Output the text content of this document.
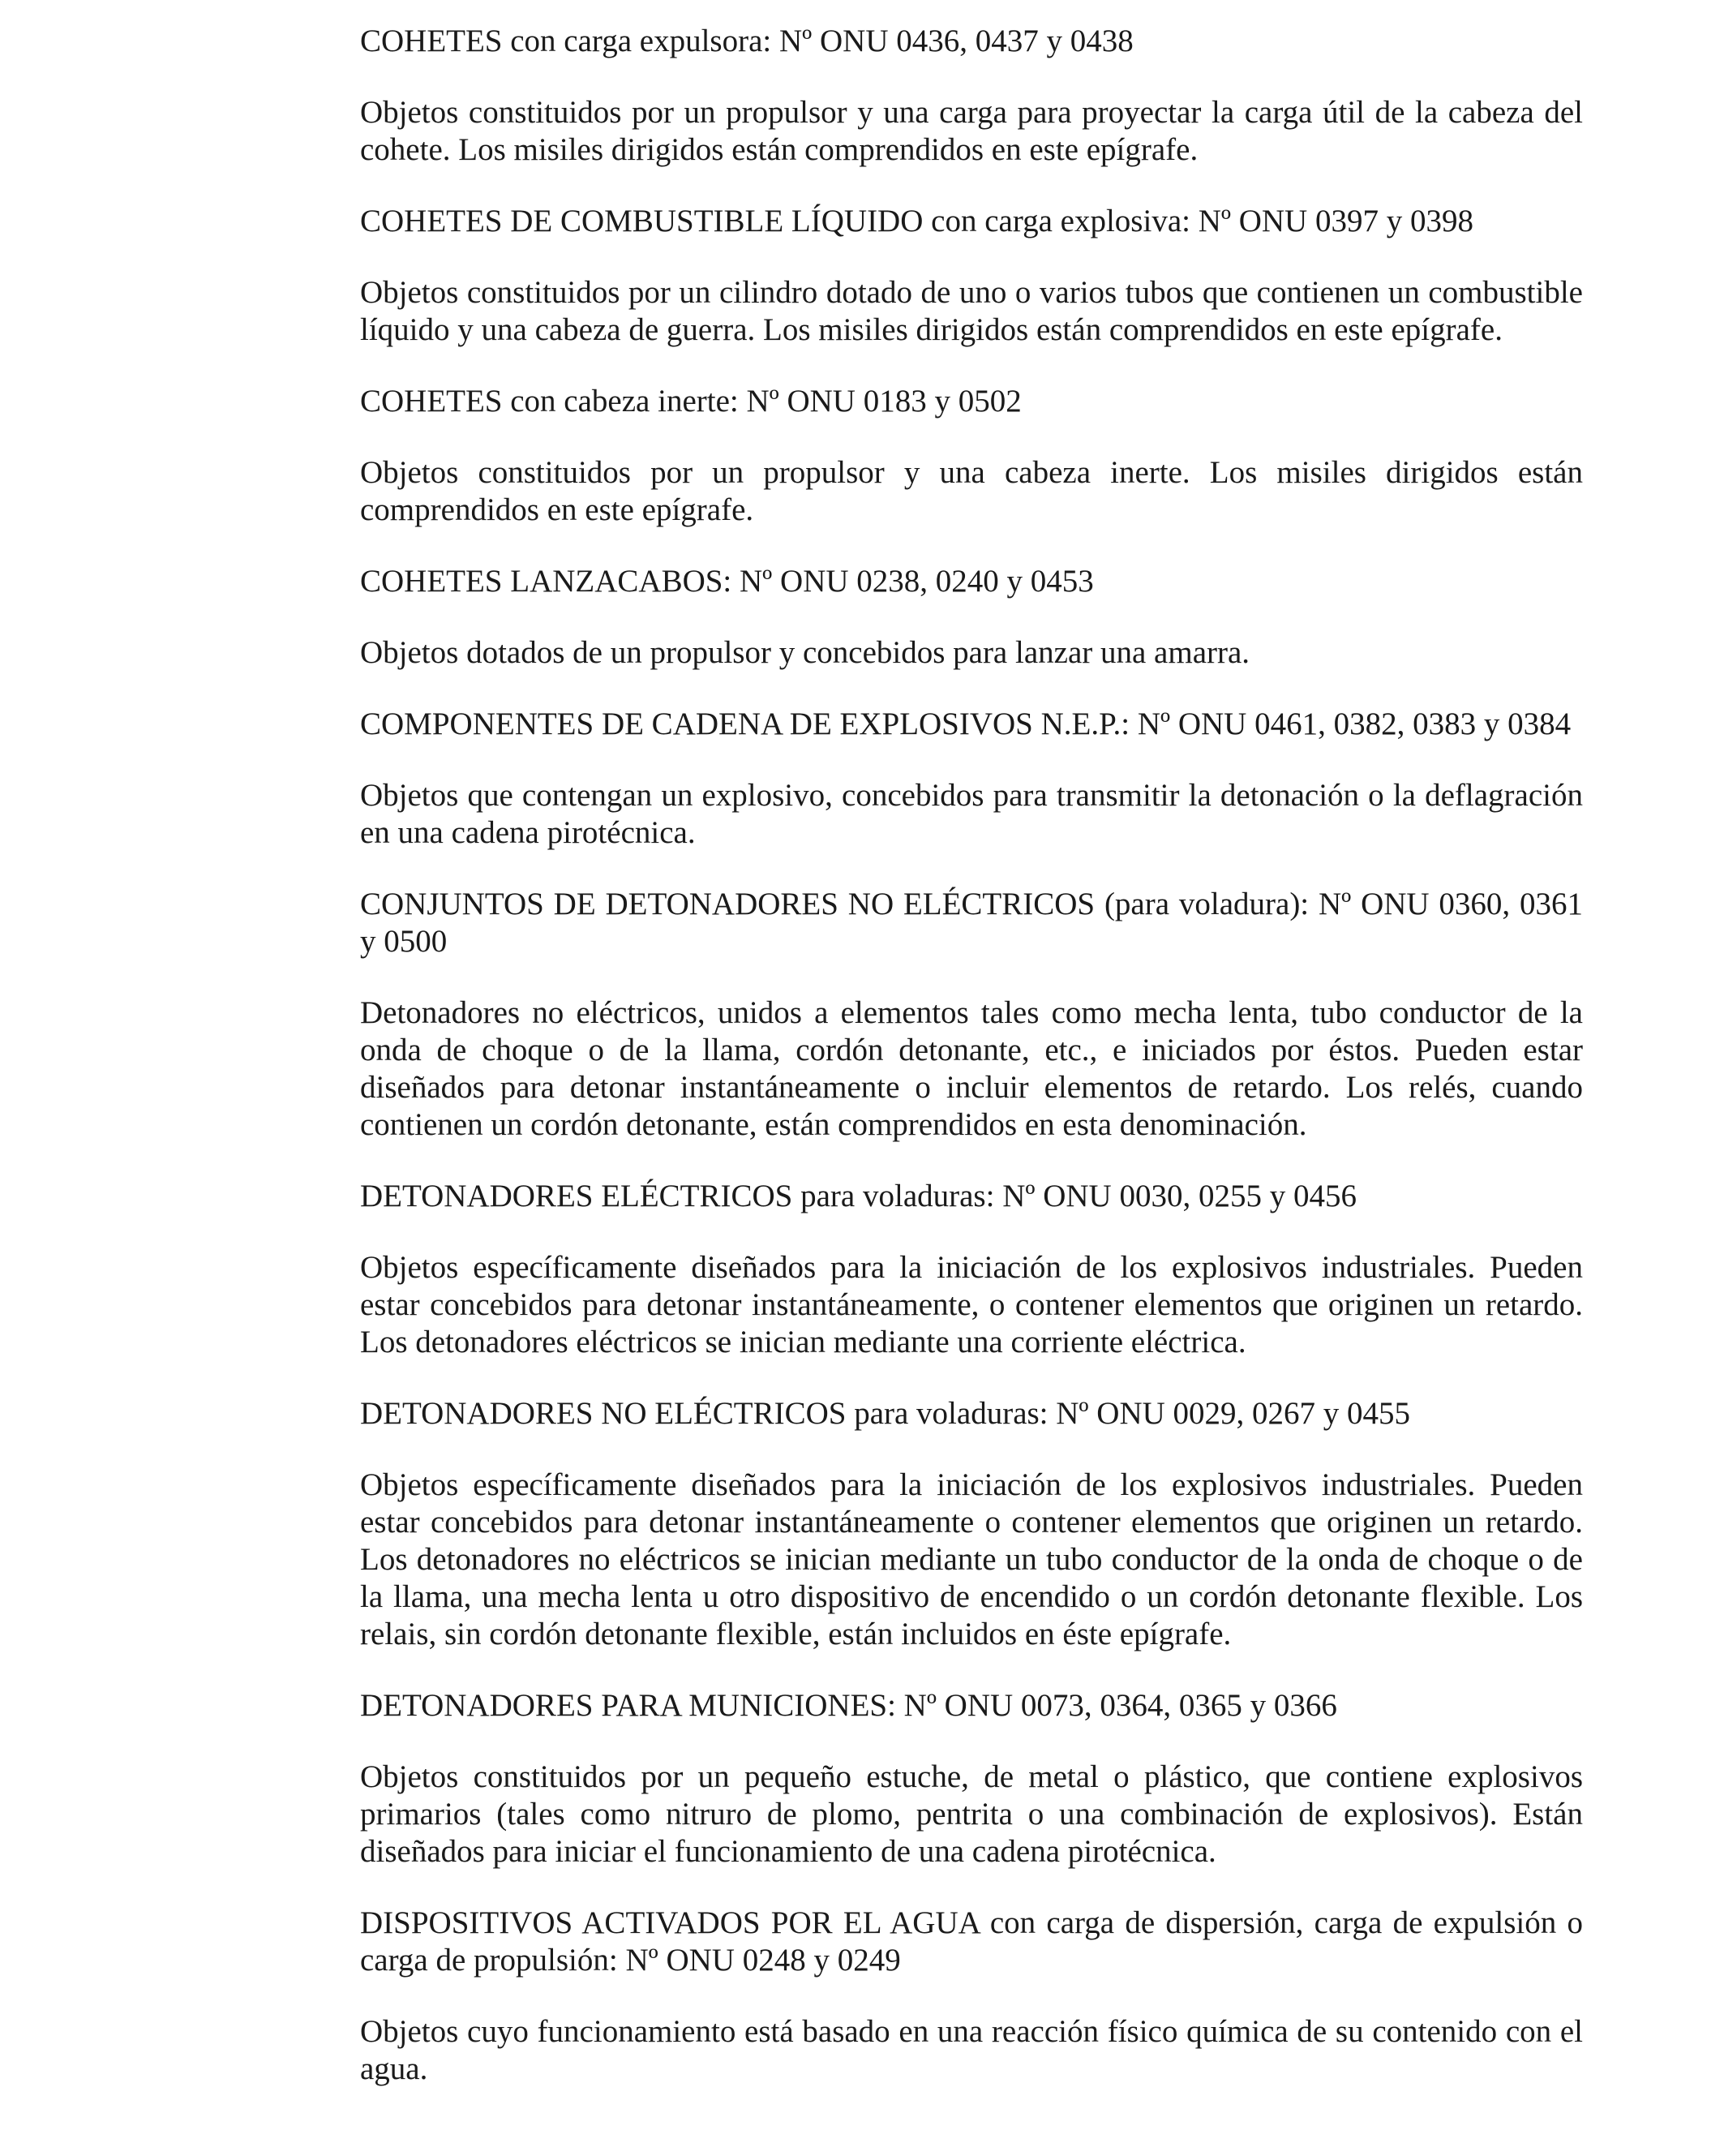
COHETES con carga expulsora: Nº ONU 0436, 0437 y 0438

Objetos constituidos por un propulsor y una carga para proyectar la carga útil de la cabeza del cohete. Los misiles dirigidos están comprendidos en este epígrafe.

COHETES DE COMBUSTIBLE LÍQUIDO con carga explosiva: Nº ONU 0397 y 0398

Objetos constituidos por un cilindro dotado de uno o varios tubos que contienen un combustible líquido y una cabeza de guerra. Los misiles dirigidos están comprendidos en este epígrafe.

COHETES con cabeza inerte: Nº ONU 0183 y 0502

Objetos constituidos por un propulsor y una cabeza inerte. Los misiles dirigidos están comprendidos en este epígrafe.

COHETES LANZACABOS: Nº ONU 0238, 0240 y 0453

Objetos dotados de un propulsor y concebidos para lanzar una amarra.

COMPONENTES DE CADENA DE EXPLOSIVOS N.E.P.: Nº ONU 0461, 0382, 0383 y 0384

Objetos que contengan un explosivo, concebidos para transmitir la detonación o la deflagración en una cadena pirotécnica.

CONJUNTOS DE DETONADORES NO ELÉCTRICOS (para voladura): Nº ONU 0360, 0361 y 0500

Detonadores no eléctricos, unidos a elementos tales como mecha lenta, tubo conductor de la onda de choque o de la llama, cordón detonante, etc., e iniciados por éstos. Pueden estar diseñados para detonar instantáneamente o incluir elementos de retardo. Los relés, cuando contienen un cordón detonante, están comprendidos en esta denominación.

DETONADORES ELÉCTRICOS para voladuras: Nº ONU 0030, 0255 y 0456

Objetos específicamente diseñados para la iniciación de los explosivos industriales. Pueden estar concebidos para detonar instantáneamente, o contener elementos que originen un retardo. Los detonadores eléctricos se inician mediante una corriente eléctrica.

DETONADORES NO ELÉCTRICOS para voladuras: Nº ONU 0029, 0267 y 0455

Objetos específicamente diseñados para la iniciación de los explosivos industriales. Pueden estar concebidos para detonar instantáneamente o contener elementos que originen un retardo. Los detonadores no eléctricos se inician mediante un tubo conductor de la onda de choque o de la llama, una mecha lenta u otro dispositivo de encendido o un cordón detonante flexible. Los relais, sin cordón detonante flexible, están incluidos en éste epígrafe.

DETONADORES PARA MUNICIONES: Nº ONU 0073, 0364, 0365 y 0366

Objetos constituidos por un pequeño estuche, de metal o plástico, que contiene explosivos primarios (tales como nitruro de plomo, pentrita o una combinación de explosivos). Están diseñados para iniciar el funcionamiento de una cadena pirotécnica.

DISPOSITIVOS ACTIVADOS POR EL AGUA con carga de dispersión, carga de expulsión o carga de propulsión: Nº ONU 0248 y 0249

Objetos cuyo funcionamiento está basado en una reacción físico química de su contenido con el agua.
